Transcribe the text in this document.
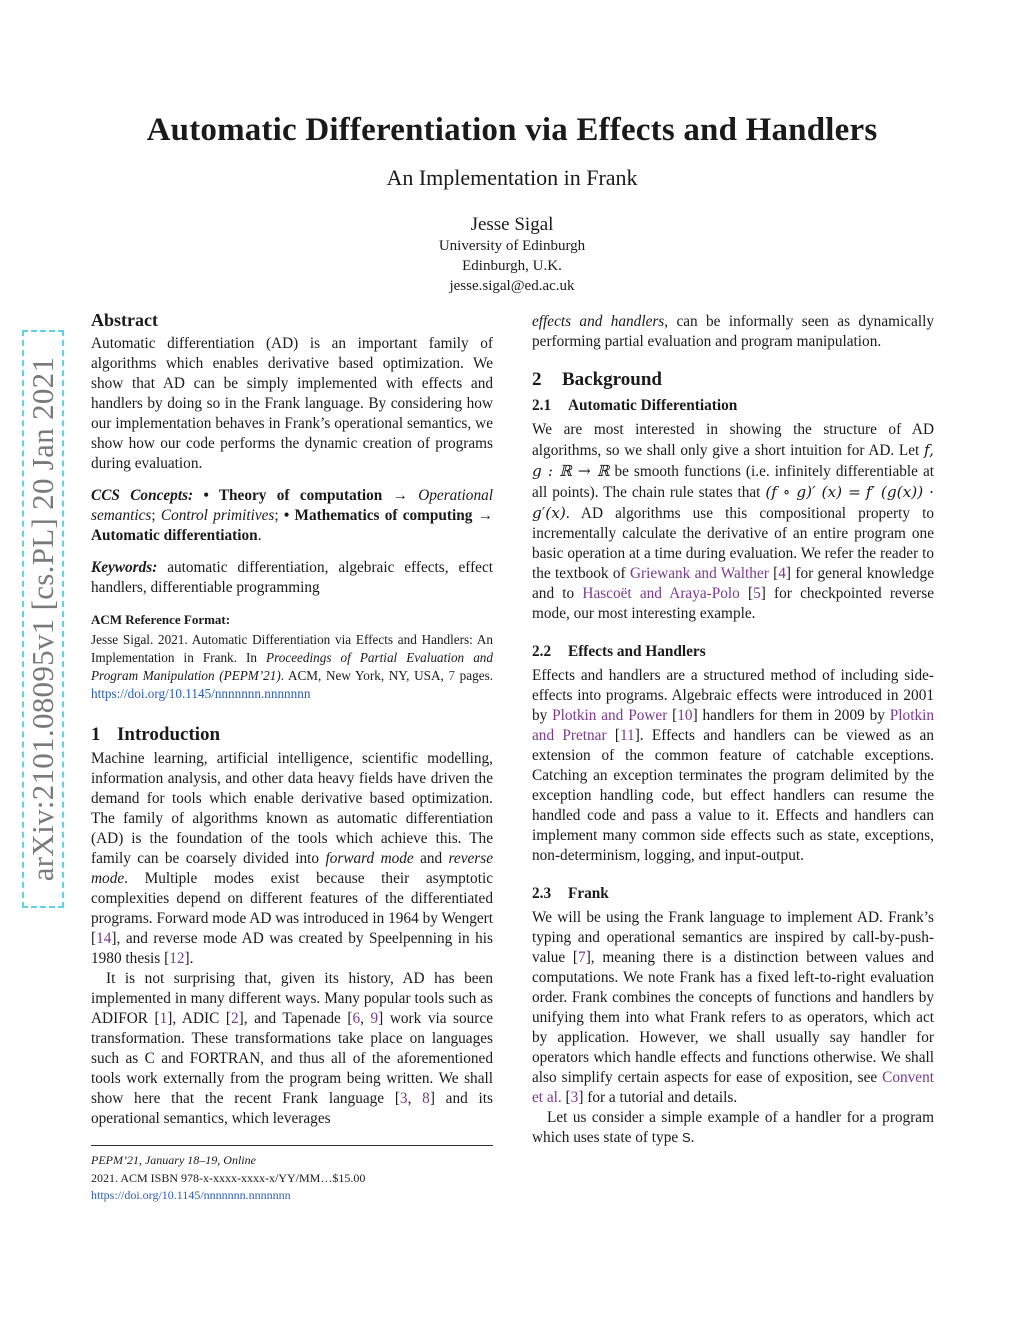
Automatic Differentiation via Effects and Handlers
An Implementation in Frank
Jesse Sigal
University of Edinburgh
Edinburgh, U.K.
jesse.sigal@ed.ac.uk
arXiv:2101.08095v1 [cs.PL] 20 Jan 2021

Abstract

Automatic differentiation (AD) is an important family of algorithms which enables derivative based optimization. We show that AD can be simply implemented with effects and handlers by doing so in the Frank language. By considering how our implementation behaves in Frank’s operational semantics, we show how our code performs the dynamic creation of programs during evaluation.

CCS Concepts: • Theory of computation → Operational semantics; Control primitives; • Mathematics of computing → Automatic differentiation.

Keywords: automatic differentiation, algebraic effects, effect handlers, differentiable programming

ACM Reference Format:

Jesse Sigal. 2021. Automatic Differentiation via Effects and Handlers: An Implementation in Frank. In Proceedings of Partial Evaluation and Program Manipulation (PEPM’21). ACM, New York, NY, USA, 7 pages. https://doi.org/10.1145/nnnnnnn.nnnnnnn

1 Introduction

Machine learning, artificial intelligence, scientific modelling, information analysis, and other data heavy fields have driven the demand for tools which enable derivative based optimization. The family of algorithms known as automatic differentiation (AD) is the foundation of the tools which achieve this. The family can be coarsely divided into forward mode and reverse mode. Multiple modes exist because their asymptotic complexities depend on different features of the differentiated programs. Forward mode AD was introduced in 1964 by Wengert [14], and reverse mode AD was created by Speelpenning in his 1980 thesis [12].

It is not surprising that, given its history, AD has been implemented in many different ways. Many popular tools such as ADIFOR [1], ADIC [2], and Tapenade [6, 9] work via source transformation. These transformations take place on languages such as C and FORTRAN, and thus all of the aforementioned tools work externally from the program being written. We shall show here that the recent Frank language [3, 8] and its operational semantics, which leverages

PEPM’21, January 18–19, Online
2021. ACM ISBN 978-x-xxxx-xxxx-x/YY/MM…$15.00
https://doi.org/10.1145/nnnnnnn.nnnnnnn

effects and handlers, can be informally seen as dynamically performing partial evaluation and program manipulation.

2 Background

2.1 Automatic Differentiation

We are most interested in showing the structure of AD algorithms, so we shall only give a short intuition for AD. Let f, g : ℝ → ℝ be smooth functions (i.e. infinitely differentiable at all points). The chain rule states that (f ∘ g)′ (x) = f′ (g(x)) · g′(x). AD algorithms use this compositional property to incrementally calculate the derivative of an entire program one basic operation at a time during evaluation. We refer the reader to the textbook of Griewank and Walther [4] for general knowledge and to Hascoët and Araya-Polo [5] for checkpointed reverse mode, our most interesting example.

2.2 Effects and Handlers

Effects and handlers are a structured method of including side-effects into programs. Algebraic effects were introduced in 2001 by Plotkin and Power [10] handlers for them in 2009 by Plotkin and Pretnar [11]. Effects and handlers can be viewed as an extension of the common feature of catchable exceptions. Catching an exception terminates the program delimited by the exception handling code, but effect handlers can resume the handled code and pass a value to it. Effects and handlers can implement many common side effects such as state, exceptions, non-determinism, logging, and input-output.

2.3 Frank

We will be using the Frank language to implement AD. Frank’s typing and operational semantics are inspired by call-by-push-value [7], meaning there is a distinction between values and computations. We note Frank has a fixed left-to-right evaluation order. Frank combines the concepts of functions and handlers by unifying them into what Frank refers to as operators, which act by application. However, we shall usually say handler for operators which handle effects and functions otherwise. We shall also simplify certain aspects for ease of exposition, see Convent et al. [3] for a tutorial and details.

Let us consider a simple example of a handler for a program which uses state of type S.
